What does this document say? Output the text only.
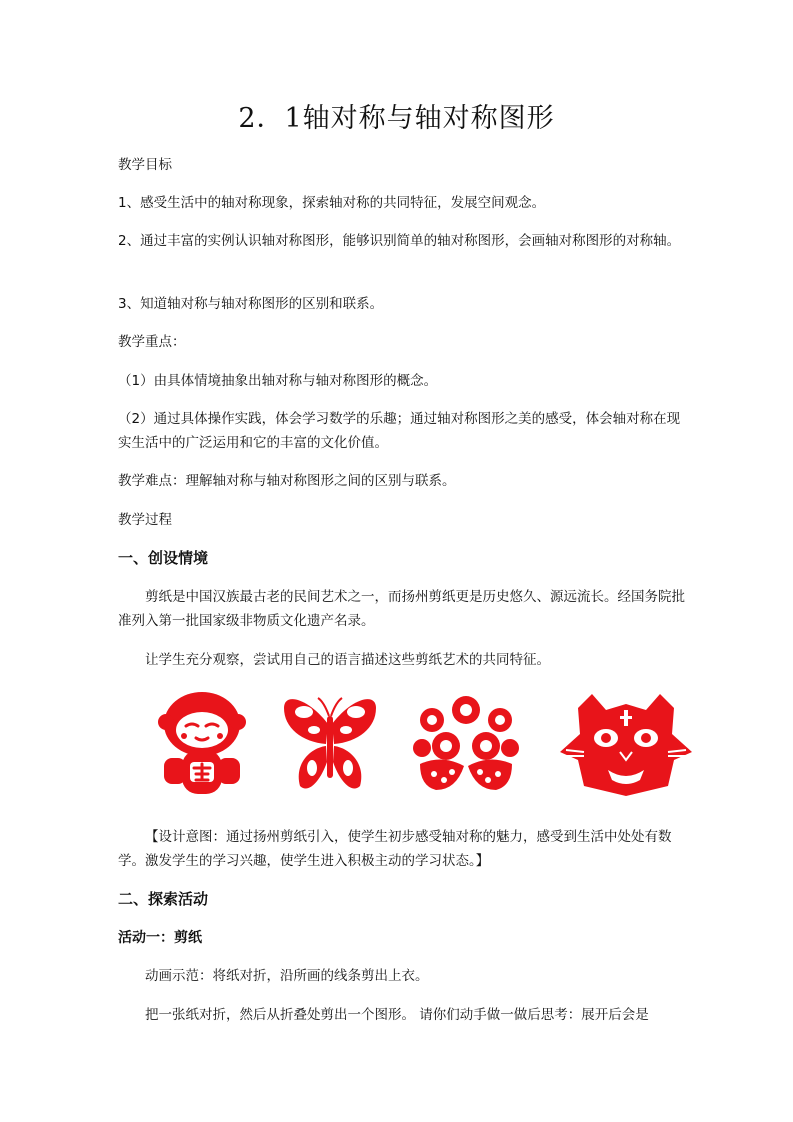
2．1轴对称与轴对称图形

教学目标

1、感受生活中的轴对称现象，探索轴对称的共同特征，发展空间观念。

2、通过丰富的实例认识轴对称图形，能够识别简单的轴对称图形，会画轴对称图形的对称轴。

3、知道轴对称与轴对称图形的区别和联系。

教学重点：

（1）由具体情境抽象出轴对称与轴对称图形的概念。

（2）通过具体操作实践，体会学习数学的乐趣；通过轴对称图形之美的感受，体会轴对称在现实生活中的广泛运用和它的丰富的文化价值。

教学难点：理解轴对称与轴对称图形之间的区别与联系。

教学过程

一、创设情境

剪纸是中国汉族最古老的民间艺术之一，而扬州剪纸更是历史悠久、源远流长。经国务院批准列入第一批国家级非物质文化遗产名录。

让学生充分观察，尝试用自己的语言描述这些剪纸艺术的共同特征。

【设计意图：通过扬州剪纸引入，使学生初步感受轴对称的魅力，感受到生活中处处有数学。激发学生的学习兴趣，使学生进入积极主动的学习状态。】

二、探索活动

活动一：剪纸

动画示范：将纸对折，沿所画的线条剪出上衣。

把一张纸对折，然后从折叠处剪出一个图形。 请你们动手做一做后思考：展开后会是
